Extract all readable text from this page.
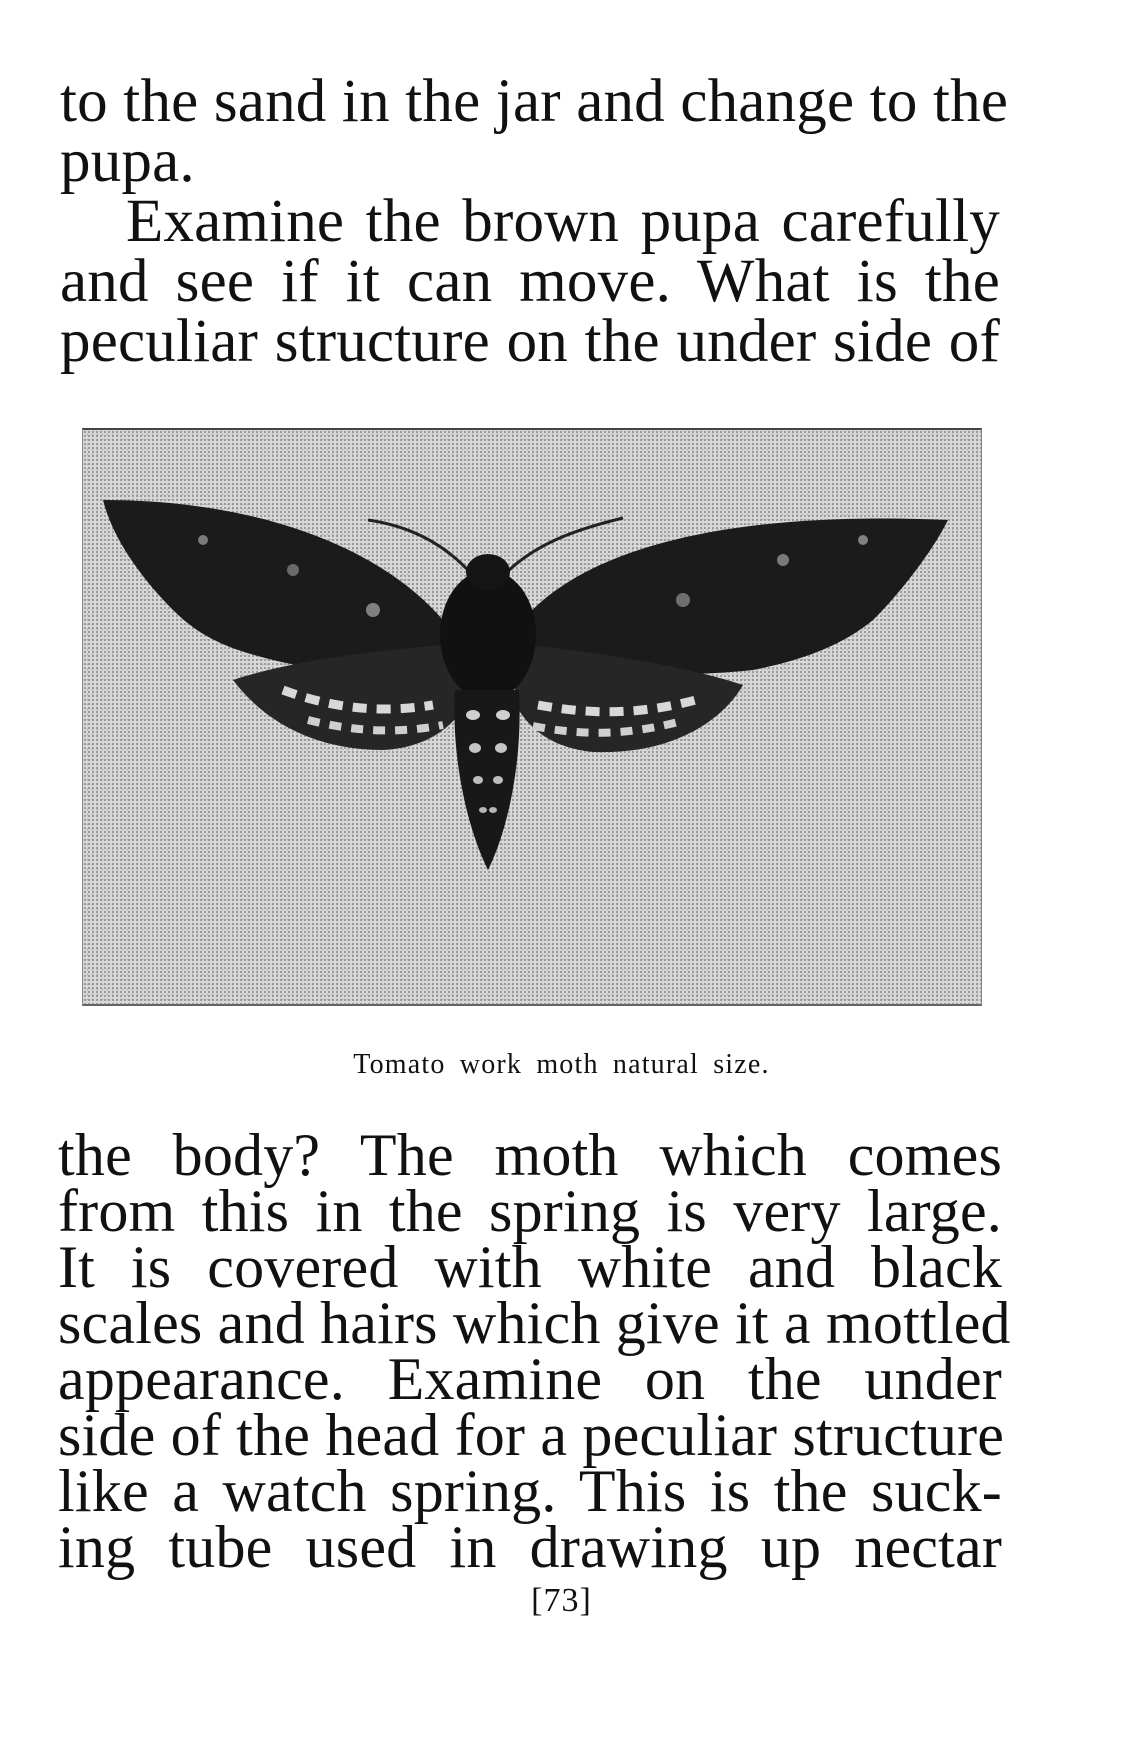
to the sand in the jar and change to the
pupa.
Examine the brown pupa carefully
and see if it can move. What is the
peculiar structure on the under side of
Tomato work moth natural size.
the body? The moth which comes
from this in the spring is very large.
It is covered with white and black
scales and hairs which give it a mottled
appearance. Examine on the under
side of the head for a peculiar structure
like a watch spring. This is the suck-
ing tube used in drawing up nectar
[73]
